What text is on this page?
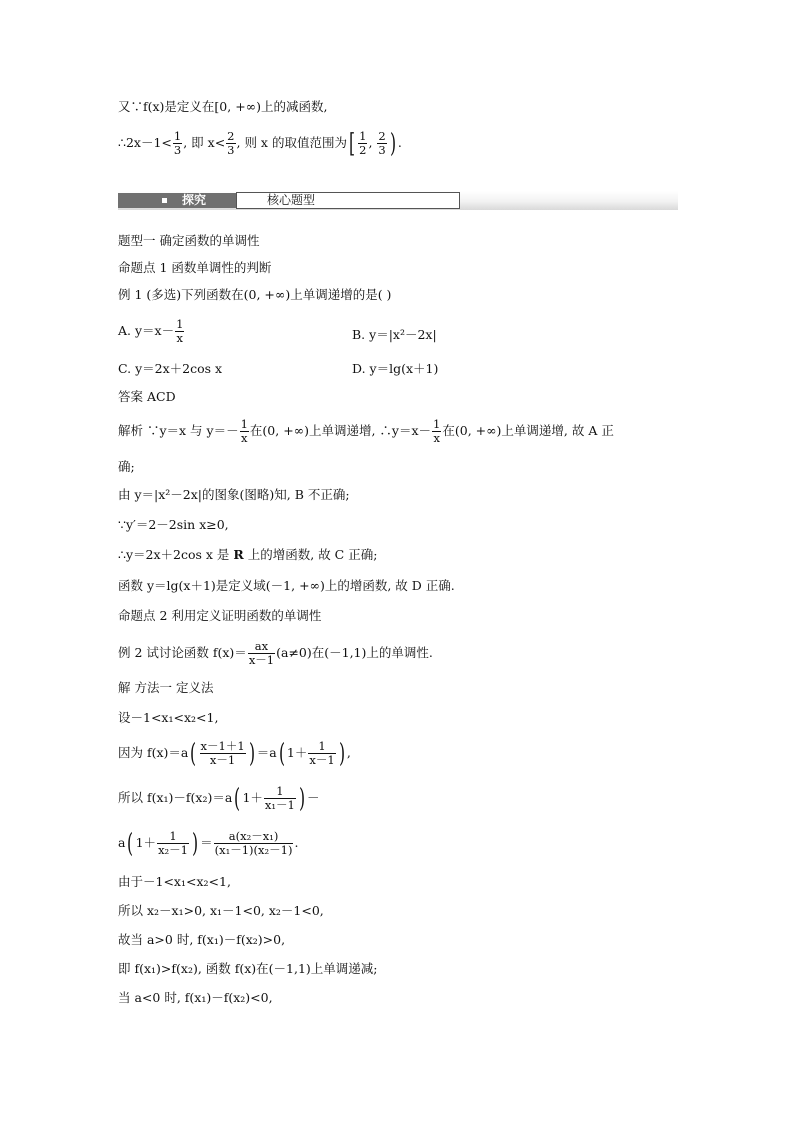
又∵f(x)是定义在[0, +∞)上的减函数,
∴2x－1< $\frac{1}{3}$ , 即 $x< \frac{2}{3}$ , 则 x 的取值范围为[ $\frac{1}{2}$ , $\frac{2}{3}$ ) .
探究	核心题型
题型一 确定函数的单调性
命题点 1 函数单调性的判断
例 1 (多选)下列函数在(0, +∞)上单调递增的是( )
A. $y=x- \frac{1}{x}$	B. y＝|x²－2x|
C. y＝2x＋2cos x	D. y＝lg(x＋1)
答案 ACD
解析 ∵y＝x 与 $y=- \frac{1}{x}$ 在(0, +∞)上单调递增, ∴y＝x－ $\frac{1}{x}$ 在(0, +∞)上单调递增, 故 A 正
确;
由 y＝|x²－2x|的图象(图略)知, B 不正确;
∵y′＝2－2sin x≥0,
∴y＝2x＋2cos x 是 R 上的增函数, 故 C 正确;
函数 y＝lg(x＋1)是定义域(－1, +∞)上的增函数, 故 D 正确.
命题点 2 利用定义证明函数的单调性
例 2 试讨论函数 $f(x)= \frac{ax}{x-1} (a\ne 0)$在(－1,1)上的单调性.
解 方法一 定义法
设－1<x₁<x₂<1,
因为 $f(x)=a( \frac{x-1+1}{x-1}$ ) ＝a( $1+ \frac{1}{x-1}$ ) ,
所以 f(x₁)－f(x₂)＝a( $1+ \frac{1}{\text{x₁－1}}$ ) －
a( $1+ \frac{1}{\text{x₂－1}}$ ) ＝ $\frac{\text{a(x₂－x₁)}}{\text{(x₁－1)(x₂－1)}}$ .
由于－1<x₁<x₂<1,
所以 x₂－x₁>0, x₁－1<0, x₂－1<0,
故当 a>0 时, f(x₁)－f(x₂)>0,
即 f(x₁)>f(x₂), 函数 f(x)在(－1,1)上单调递减;
当 a<0 时, f(x₁)－f(x₂)<0,
